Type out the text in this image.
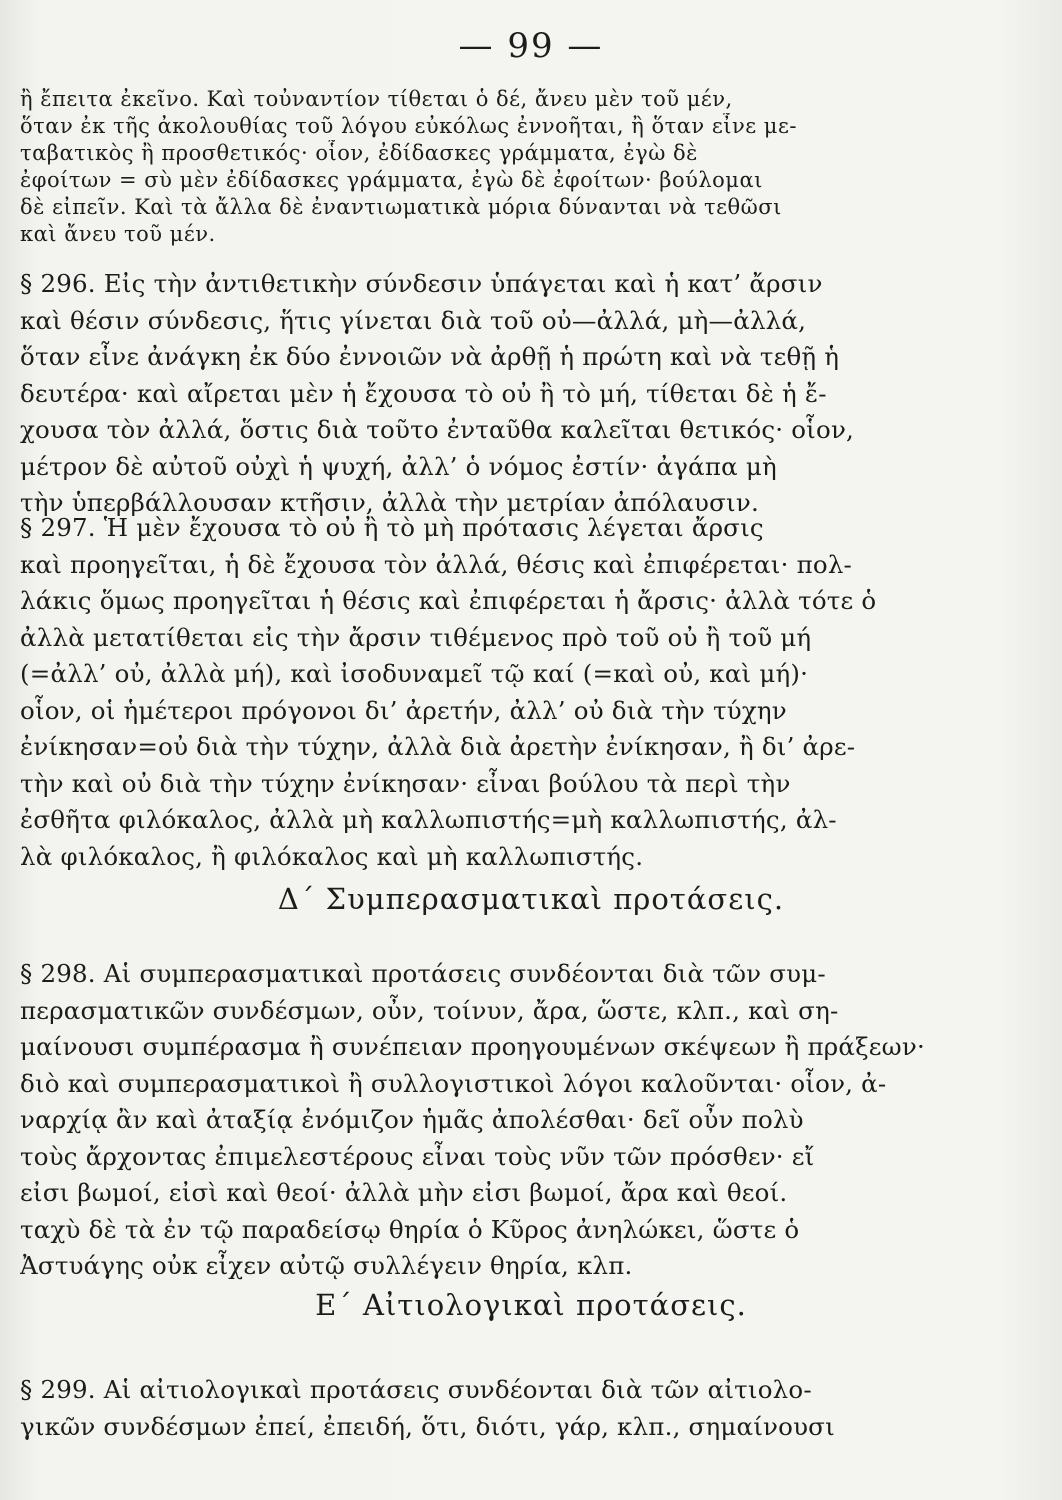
— 99 —
ἢ ἔπειτα ἐκεῖνο. Καὶ τοὐναντίον τίθεται ὁ δέ, ἄνευ μὲν τοῦ μέν,
ὅταν ἐκ τῆς ἀκολουθίας τοῦ λόγου εὐκόλως ἐννοῆται, ἢ ὅταν εἶνε με-
ταβατικὸς ἢ προσθετικός· οἷον, ἐδίδασκες γράμματα, ἐγὼ δὲ
ἐφοίτων = σὺ μὲν ἐδίδασκες γράμματα, ἐγὼ δὲ ἐφοίτων· βούλομαι
δὲ εἰπεῖν. Καὶ τὰ ἄλλα δὲ ἐναντιωματικὰ μόρια δύνανται νὰ τεθῶσι
καὶ ἄνευ τοῦ μέν.
§ 296. Εἰς τὴν ἀντιθετικὴν σύνδεσιν ὑπάγεται καὶ ἡ κατ’ ἄρσιν
καὶ θέσιν σύνδεσις, ἥτις γίνεται διὰ τοῦ οὐ—ἀλλά, μὴ—ἀλλά,
ὅταν εἶνε ἀνάγκη ἐκ δύο ἐννοιῶν νὰ ἀρθῇ ἡ πρώτη καὶ νὰ τεθῇ ἡ
δευτέρα· καὶ αἴρεται μὲν ἡ ἔχουσα τὸ οὐ ἢ τὸ μή, τίθεται δὲ ἡ ἔ-
χουσα τὸν ἀλλά, ὅστις διὰ τοῦτο ἐνταῦθα καλεῖται θετικός· οἷον,
μέτρον δὲ αὐτοῦ οὐχὶ ἡ ψυχή, ἀλλ’ ὁ νόμος ἐστίν· ἀγάπα μὴ
τὴν ὑπερβάλλουσαν κτῆσιν, ἀλλὰ τὴν μετρίαν ἀπόλαυσιν.
§ 297. Ἡ μὲν ἔχουσα τὸ οὐ ἢ τὸ μὴ πρότασις λέγεται ἄρσις
καὶ προηγεῖται, ἡ δὲ ἔχουσα τὸν ἀλλά, θέσις καὶ ἐπιφέρεται· πολ-
λάκις ὅμως προηγεῖται ἡ θέσις καὶ ἐπιφέρεται ἡ ἄρσις· ἀλλὰ τότε ὁ
ἀλλὰ μετατίθεται εἰς τὴν ἄρσιν τιθέμενος πρὸ τοῦ οὐ ἢ τοῦ μή
(=ἀλλ’ οὐ, ἀλλὰ μή), καὶ ἰσοδυναμεῖ τῷ καί (=καὶ οὐ, καὶ μή)·
οἷον, οἱ ἡμέτεροι πρόγονοι δι’ ἀρετήν, ἀλλ’ οὐ διὰ τὴν τύχην
ἐνίκησαν=οὐ διὰ τὴν τύχην, ἀλλὰ διὰ ἀρετὴν ἐνίκησαν, ἢ δι’ ἀρε-
τὴν καὶ οὐ διὰ τὴν τύχην ἐνίκησαν· εἶναι βούλου τὰ περὶ τὴν
ἐσθῆτα φιλόκαλος, ἀλλὰ μὴ καλλωπιστής=μὴ καλλωπιστής, ἀλ-
λὰ φιλόκαλος, ἢ φιλόκαλος καὶ μὴ καλλωπιστής.
Δ΄ Συμπερασματικαὶ προτάσεις.
§ 298. Αἱ συμπερασματικαὶ προτάσεις συνδέονται διὰ τῶν συμ-
περασματικῶν συνδέσμων, οὖν, τοίνυν, ἄρα, ὥστε, κλπ., καὶ ση-
μαίνουσι συμπέρασμα ἢ συνέπειαν προηγουμένων σκέψεων ἢ πράξεων·
διὸ καὶ συμπερασματικοὶ ἢ συλλογιστικοὶ λόγοι καλοῦνται· οἷον, ἀ-
ναρχίᾳ ἂν καὶ ἀταξίᾳ ἐνόμιζον ἡμᾶς ἀπολέσθαι· δεῖ οὖν πολὺ
τοὺς ἄρχοντας ἐπιμελεστέρους εἶναι τοὺς νῦν τῶν πρόσθεν· εἴ
εἰσι βωμοί, εἰσὶ καὶ θεοί· ἀλλὰ μὴν εἰσι βωμοί, ἄρα καὶ θεοί.
ταχὺ δὲ τὰ ἐν τῷ παραδείσῳ θηρία ὁ Κῦρος ἀνηλώκει, ὥστε ὁ
Ἀστυάγης οὐκ εἶχεν αὐτῷ συλλέγειν θηρία, κλπ.
Ε΄ Αἰτιολογικαὶ προτάσεις.
§ 299. Αἱ αἰτιολογικαὶ προτάσεις συνδέονται διὰ τῶν αἰτιολο-
γικῶν συνδέσμων ἐπεί, ἐπειδή, ὅτι, διότι, γάρ, κλπ., σημαίνουσι
